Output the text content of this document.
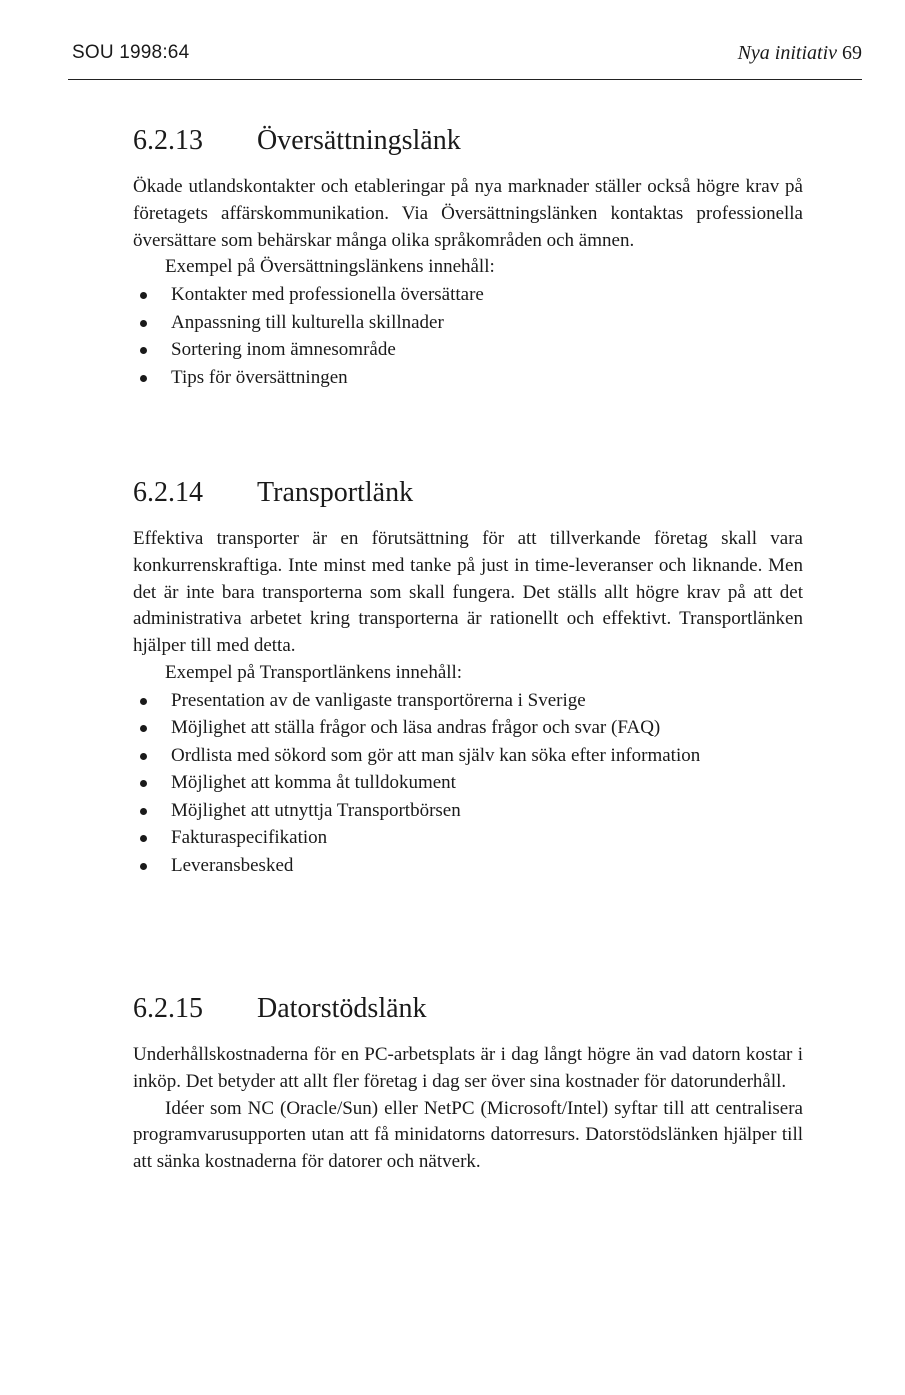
SOU 1998:64	Nya initiativ 69
6.2.13 Översättningslänk

Ökade utlandskontakter och etableringar på nya marknader ställer också högre krav på företagets affärskommunikation. Via Översättningslänken kontaktas professionella översättare som behärskar många olika språkområden och ämnen.

Exempel på Översättningslänkens innehåll:

Kontakter med professionella översättare
Anpassning till kulturella skillnader
Sortering inom ämnesområde
Tips för översättningen
6.2.14 Transportlänk

Effektiva transporter är en förutsättning för att tillverkande företag skall vara konkurrenskraftiga. Inte minst med tanke på just in time-leveranser och liknande. Men det är inte bara transporterna som skall fungera. Det ställs allt högre krav på att det administrativa arbetet kring transporterna är rationellt och effektivt. Transportlänken hjälper till med detta.

Exempel på Transportlänkens innehåll:

Presentation av de vanligaste transportörerna i Sverige
Möjlighet att ställa frågor och läsa andras frågor och svar (FAQ)
Ordlista med sökord som gör att man själv kan söka efter information
Möjlighet att komma åt tulldokument
Möjlighet att utnyttja Transportbörsen
Fakturaspecifikation
Leveransbesked
6.2.15 Datorstödslänk

Underhållskostnaderna för en PC-arbetsplats är i dag långt högre än vad datorn kostar i inköp. Det betyder att allt fler företag i dag ser över sina kostnader för datorunderhåll.

Idéer som NC (Oracle/Sun) eller NetPC (Microsoft/Intel) syftar till att centralisera programvarusupporten utan att få minidatorns datorresurs. Datorstödslänken hjälper till att sänka kostnaderna för datorer och nätverk.
